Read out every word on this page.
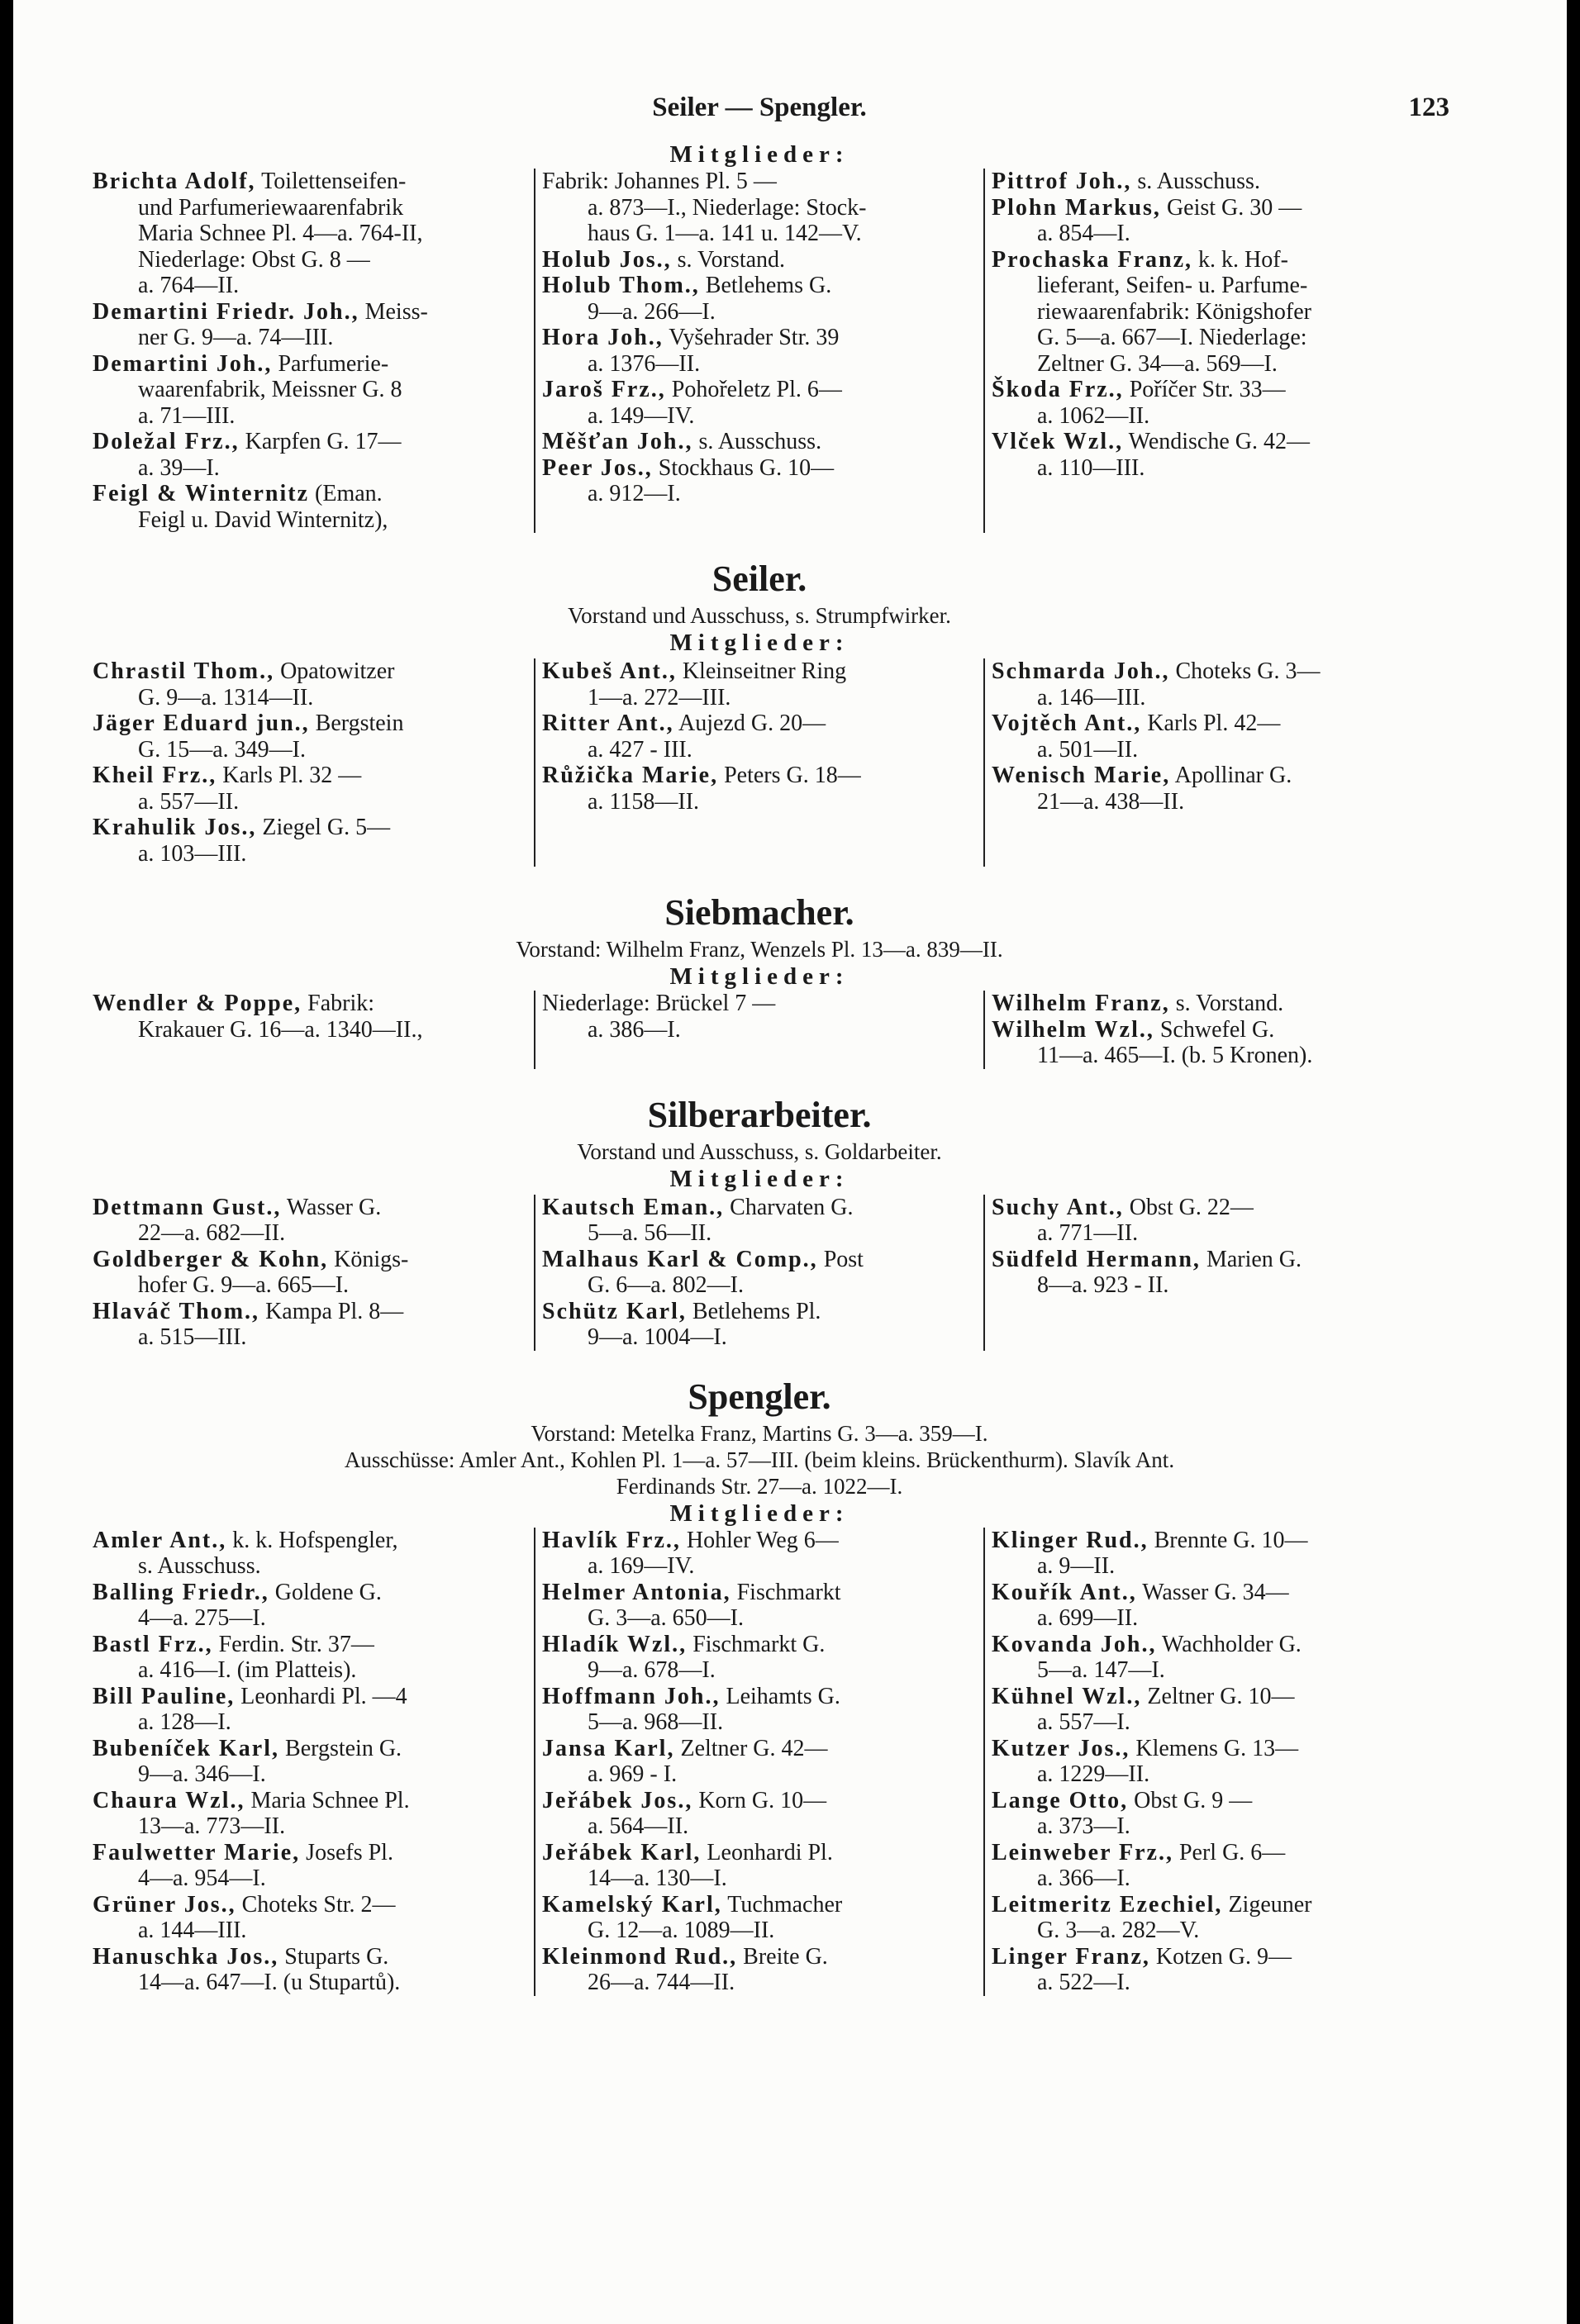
Seiler — Spengler.	123
Mitglieder:
Brichta Adolf, Toilettenseifen-
und Parfumeriewaarenfabrik
Maria Schnee Pl. 4—a. 764-II,
Niederlage: Obst G. 8 —
a. 764—II.
Demartini Friedr. Joh., Meiss-
ner G. 9—a. 74—III.
Demartini Joh., Parfumerie-
waarenfabrik, Meissner G. 8
a. 71—III.
Doležal Frz., Karpfen G. 17—
a. 39—I.
Feigl & Winternitz (Eman.
Feigl u. David Winternitz),
Fabrik: Johannes Pl. 5 —
a. 873—I., Niederlage: Stock-
haus G. 1—a. 141 u. 142—V.
Holub Jos., s. Vorstand.
Holub Thom., Betlehems G.
9—a. 266—I.
Hora Joh., Vyšehrader Str. 39
a. 1376—II.
Jaroš Frz., Pohořeletz Pl. 6—
a. 149—IV.
Měšťan Joh., s. Ausschuss.
Peer Jos., Stockhaus G. 10—
a. 912—I.
Pittrof Joh., s. Ausschuss.
Plohn Markus, Geist G. 30 —
a. 854—I.
Prochaska Franz, k. k. Hof-
lieferant, Seifen- u. Parfume-
riewaarenfabrik: Königshofer
G. 5—a. 667—I. Niederlage:
Zeltner G. 34—a. 569—I.
Škoda Frz., Poříčer Str. 33—
a. 1062—II.
Vlček Wzl., Wendische G. 42—
a. 110—III.
Seiler.
Vorstand und Ausschuss, s. Strumpfwirker.
Mitglieder:
Chrastil Thom., Opatowitzer
G. 9—a. 1314—II.
Jäger Eduard jun., Bergstein
G. 15—a. 349—I.
Kheil Frz., Karls Pl. 32 —
a. 557—II.
Krahulik Jos., Ziegel G. 5—
a. 103—III.
Kubeš Ant., Kleinseitner Ring
1—a. 272—III.
Ritter Ant., Aujezd G. 20—
a. 427 - III.
Růžička Marie, Peters G. 18—
a. 1158—II.
Schmarda Joh., Choteks G. 3—
a. 146—III.
Vojtěch Ant., Karls Pl. 42—
a. 501—II.
Wenisch Marie, Apollinar G.
21—a. 438—II.
Siebmacher.
Vorstand: Wilhelm Franz, Wenzels Pl. 13—a. 839—II.
Mitglieder:
Wendler & Poppe, Fabrik:
Krakauer G. 16—a. 1340—II.,
Niederlage: Brückel 7 —
a. 386—I.
Wilhelm Franz, s. Vorstand.
Wilhelm Wzl., Schwefel G.
11—a. 465—I. (b. 5 Kronen).
Silberarbeiter.
Vorstand und Ausschuss, s. Goldarbeiter.
Mitglieder:
Dettmann Gust., Wasser G.
22—a. 682—II.
Goldberger & Kohn, Königs-
hofer G. 9—a. 665—I.
Hlaváč Thom., Kampa Pl. 8—
a. 515—III.
Kautsch Eman., Charvaten G.
5—a. 56—II.
Malhaus Karl & Comp., Post
G. 6—a. 802—I.
Schütz Karl, Betlehems Pl.
9—a. 1004—I.
Suchy Ant., Obst G. 22—
a. 771—II.
Südfeld Hermann, Marien G.
8—a. 923 - II.
Spengler.
Vorstand: Metelka Franz, Martins G. 3—a. 359—I.
Ausschüsse: Amler Ant., Kohlen Pl. 1—a. 57—III. (beim kleins. Brückenthurm). Slavík Ant.
Ferdinands Str. 27—a. 1022—I.
Mitglieder:
Amler Ant., k. k. Hofspengler,
s. Ausschuss.
Balling Friedr., Goldene G.
4—a. 275—I.
Bastl Frz., Ferdin. Str. 37—
a. 416—I. (im Platteis).
Bill Pauline, Leonhardi Pl. —4
a. 128—I.
Bubeníček Karl, Bergstein G.
9—a. 346—I.
Chaura Wzl., Maria Schnee Pl.
13—a. 773—II.
Faulwetter Marie, Josefs Pl.
4—a. 954—I.
Grüner Jos., Choteks Str. 2—
a. 144—III.
Hanuschka Jos., Stuparts G.
14—a. 647—I. (u Stupartů).
Havlík Frz., Hohler Weg 6—
a. 169—IV.
Helmer Antonia, Fischmarkt
G. 3—a. 650—I.
Hladík Wzl., Fischmarkt G.
9—a. 678—I.
Hoffmann Joh., Leihamts G.
5—a. 968—II.
Jansa Karl, Zeltner G. 42—
a. 969 - I.
Jeřábek Jos., Korn G. 10—
a. 564—II.
Jeřábek Karl, Leonhardi Pl.
14—a. 130—I.
Kamelský Karl, Tuchmacher
G. 12—a. 1089—II.
Kleinmond Rud., Breite G.
26—a. 744—II.
Klinger Rud., Brennte G. 10—
a. 9—II.
Kouřík Ant., Wasser G. 34—
a. 699—II.
Kovanda Joh., Wachholder G.
5—a. 147—I.
Kühnel Wzl., Zeltner G. 10—
a. 557—I.
Kutzer Jos., Klemens G. 13—
a. 1229—II.
Lange Otto, Obst G. 9 —
a. 373—I.
Leinweber Frz., Perl G. 6—
a. 366—I.
Leitmeritz Ezechiel, Zigeuner
G. 3—a. 282—V.
Linger Franz, Kotzen G. 9—
a. 522—I.
